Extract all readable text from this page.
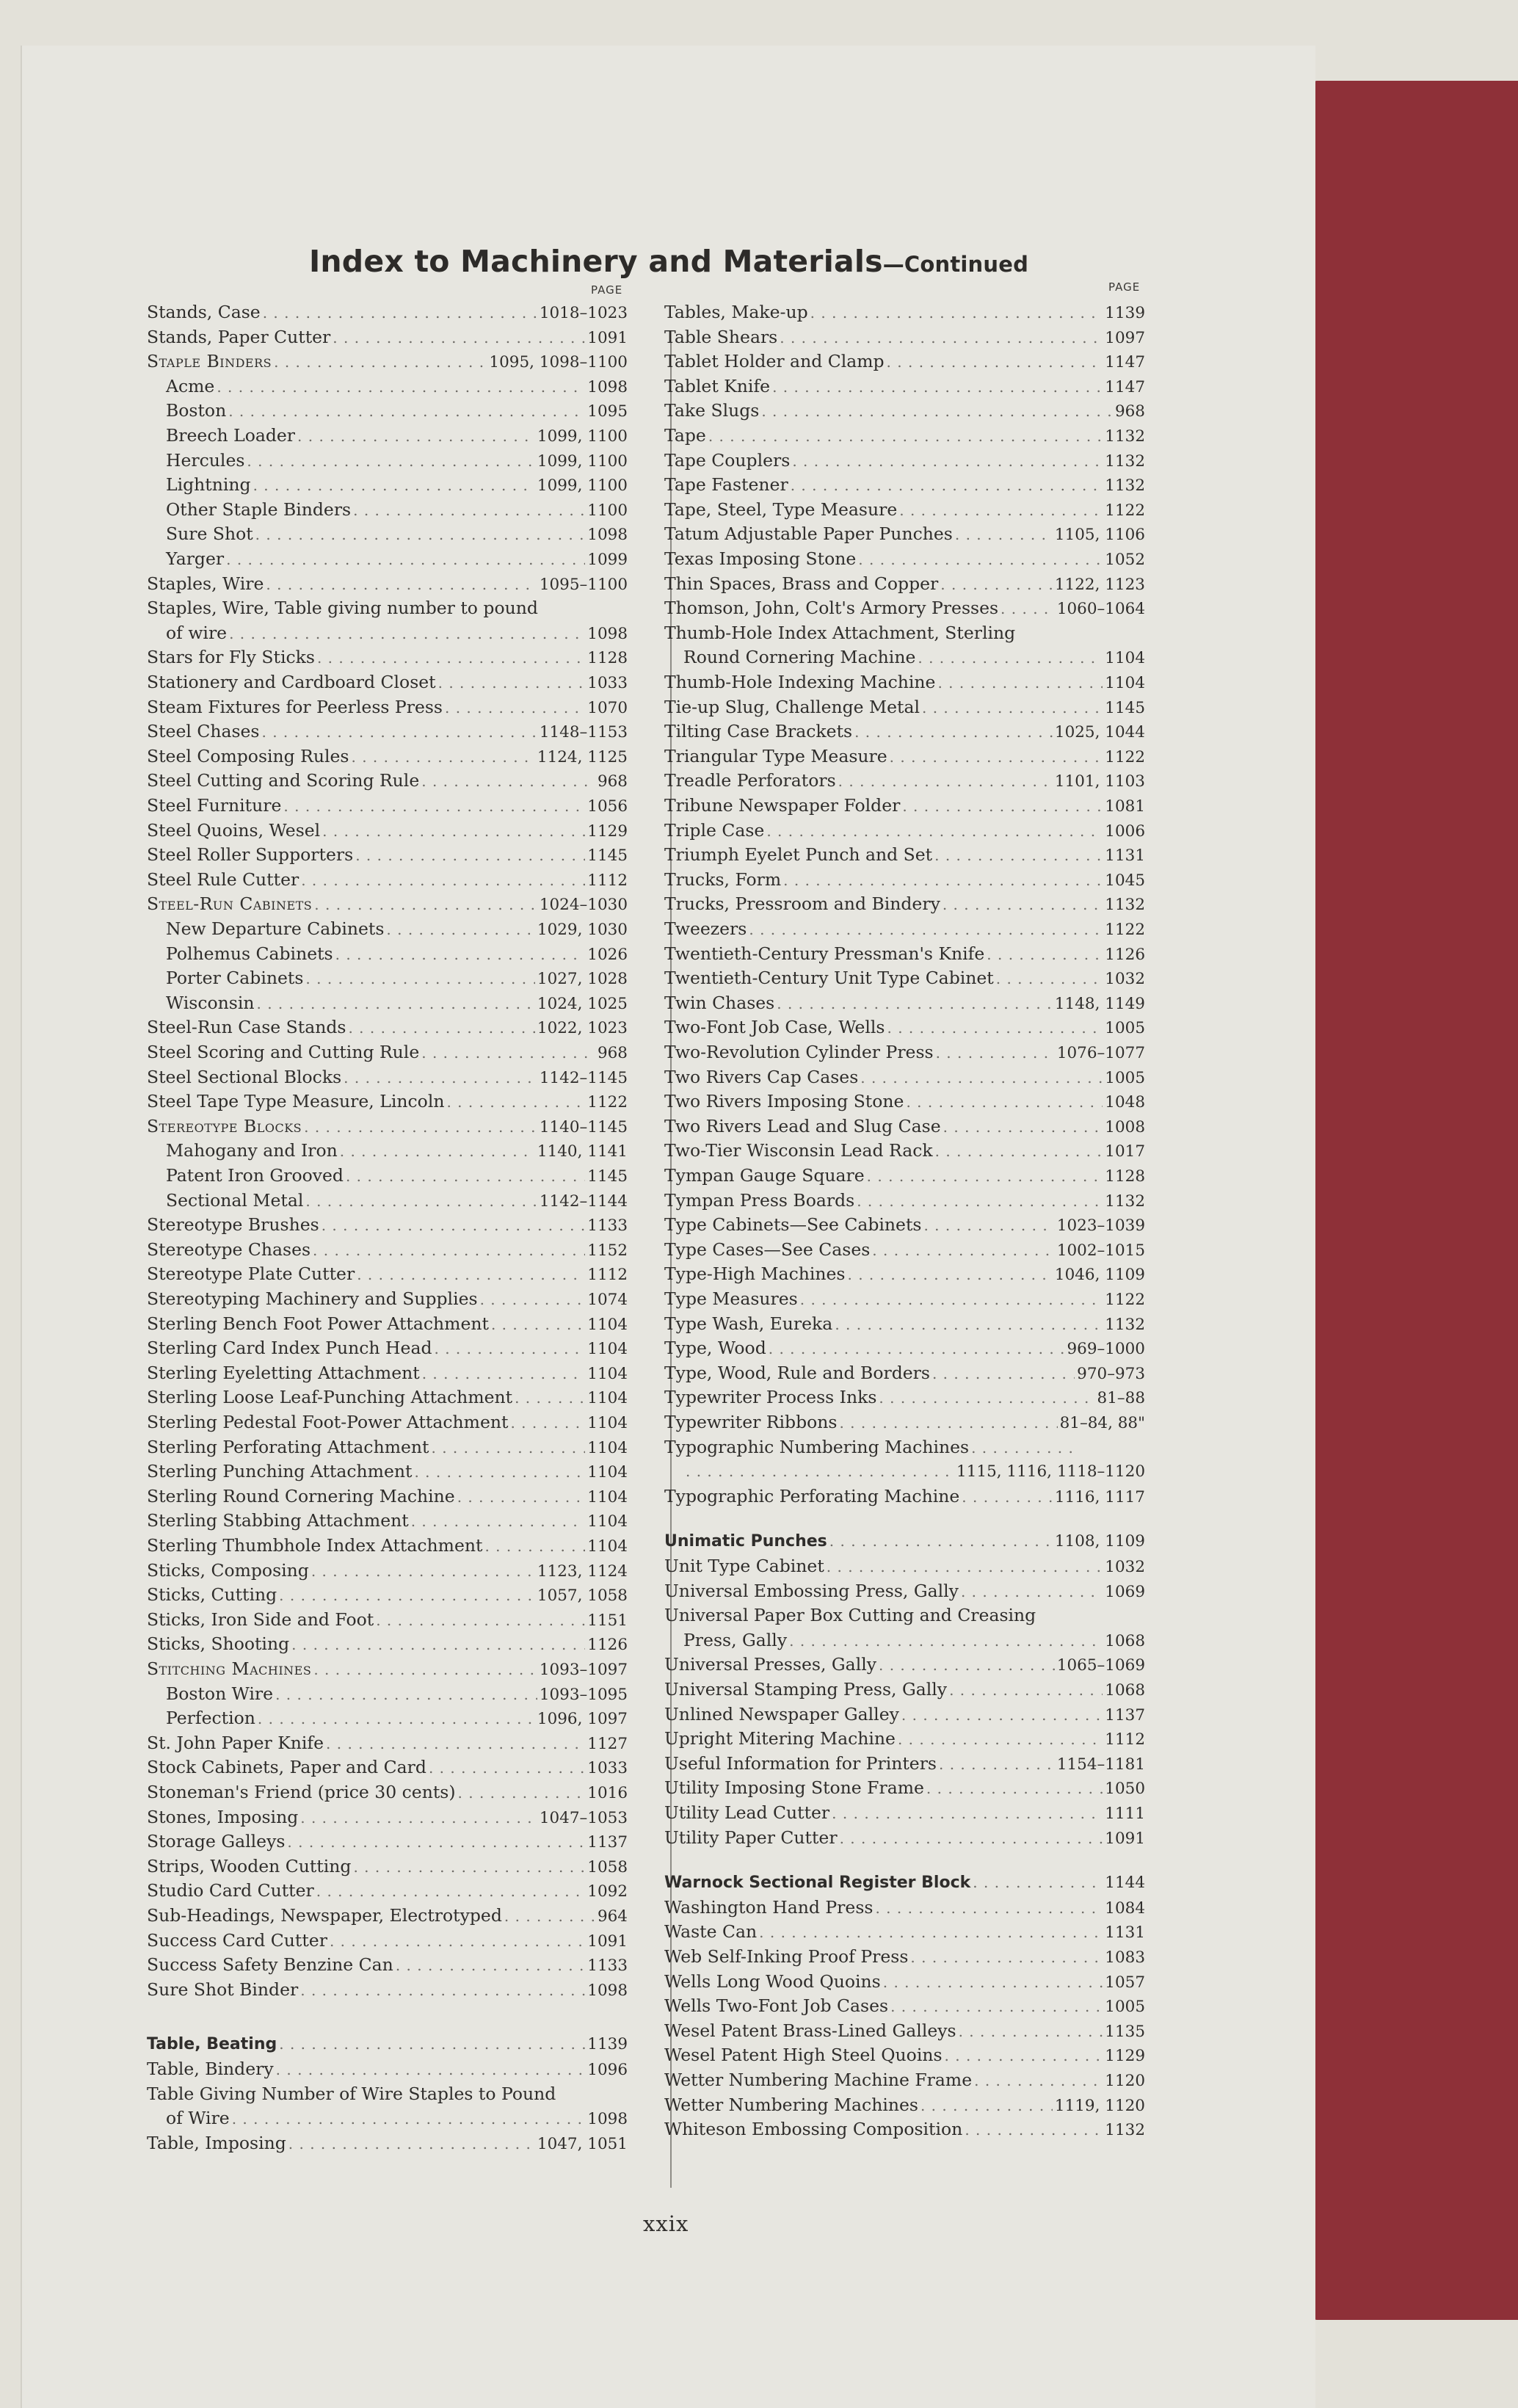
Index to Machinery and Materials—Continued
PAGE	PAGE
Stands, Case . . .	1018–1023
Stands, Paper Cutter . . .	1091
Staple Binders . . .	1095, 1098–1100
Acme . . .	1098
Boston . . .	1095
Breech Loader . . .	1099, 1100
Hercules . . .	1099, 1100
Lightning . . .	1099, 1100
Other Staple Binders . . .	1100
Sure Shot . . .	1098
Yarger . . .	1099
Staples, Wire . . .	1095–1100
Staples, Wire, Table giving number to pound
of wire . . .	1098
Stars for Fly Sticks . . .	1128
Stationery and Cardboard Closet . . .	1033
Steam Fixtures for Peerless Press . . .	1070
Steel Chases . . .	1148–1153
Steel Composing Rules . . .	1124, 1125
Steel Cutting and Scoring Rule . . .	968
Steel Furniture . . .	1056
Steel Quoins, Wesel . . .	1129
Steel Roller Supporters . . .	1145
Steel Rule Cutter . . .	1112
Steel-Run Cabinets . . .	1024–1030
New Departure Cabinets . . .	1029, 1030
Polhemus Cabinets . . .	1026
Porter Cabinets . . .	1027, 1028
Wisconsin . . .	1024, 1025
Steel-Run Case Stands . . .	1022, 1023
Steel Scoring and Cutting Rule . . .	968
Steel Sectional Blocks . . .	1142–1145
Steel Tape Type Measure, Lincoln . . .	1122
Stereotype Blocks . . .	1140–1145
Mahogany and Iron . . .	1140, 1141
Patent Iron Grooved . . .	1145
Sectional Metal . . .	1142–1144
Stereotype Brushes . . .	1133
Stereotype Chases . . .	1152
Stereotype Plate Cutter . . .	1112
Stereotyping Machinery and Supplies . . .	1074
Sterling Bench Foot Power Attachment . . .	1104
Sterling Card Index Punch Head . . .	1104
Sterling Eyeletting Attachment . . .	1104
Sterling Loose Leaf-Punching Attachment . . .	1104
Sterling Pedestal Foot-Power Attachment . . .	1104
Sterling Perforating Attachment . . .	1104
Sterling Punching Attachment . . .	1104
Sterling Round Cornering Machine . . .	1104
Sterling Stabbing Attachment . . .	1104
Sterling Thumbhole Index Attachment . . .	1104
Sticks, Composing . . .	1123, 1124
Sticks, Cutting . . .	1057, 1058
Sticks, Iron Side and Foot . . .	1151
Sticks, Shooting . . .	1126
Stitching Machines . . .	1093–1097
Boston Wire . . .	1093–1095
Perfection . . .	1096, 1097
St. John Paper Knife . . .	1127
Stock Cabinets, Paper and Card . . .	1033
Stoneman's Friend (price 30 cents) . . .	1016
Stones, Imposing . . .	1047–1053
Storage Galleys . . .	1137
Strips, Wooden Cutting . . .	1058
Studio Card Cutter . . .	1092
Sub-Headings, Newspaper, Electrotyped . . .	964
Success Card Cutter . . .	1091
Success Safety Benzine Can . . .	1133
Sure Shot Binder . . .	1098
Table, Beating . . .	1139
Table, Bindery . . .	1096
Table Giving Number of Wire Staples to Pound
of Wire . . .	1098
Table, Imposing . . .	1047, 1051
Tables, Make-up . . .	1139
Table Shears . . .	1097
Tablet Holder and Clamp . . .	1147
Tablet Knife . . .	1147
Take Slugs . . .	968
Tape . . .	1132
Tape Couplers . . .	1132
Tape Fastener . . .	1132
Tape, Steel, Type Measure . . .	1122
Tatum Adjustable Paper Punches . . .	1105, 1106
Texas Imposing Stone . . .	1052
Thin Spaces, Brass and Copper . . .	1122, 1123
Thomson, John, Colt's Armory Presses . . .	1060–1064
Thumb-Hole Index Attachment, Sterling
Round Cornering Machine . . .	1104
Thumb-Hole Indexing Machine . . .	1104
Tie-up Slug, Challenge Metal . . .	1145
Tilting Case Brackets . . .	1025, 1044
Triangular Type Measure . . .	1122
Treadle Perforators . . .	1101, 1103
Tribune Newspaper Folder . . .	1081
Triple Case . . .	1006
Triumph Eyelet Punch and Set . . .	1131
Trucks, Form . . .	1045
Trucks, Pressroom and Bindery . . .	1132
Tweezers . . .	1122
Twentieth-Century Pressman's Knife . . .	1126
Twentieth-Century Unit Type Cabinet . . .	1032
Twin Chases . . .	1148, 1149
Two-Font Job Case, Wells . . .	1005
Two-Revolution Cylinder Press . . .	1076–1077
Two Rivers Cap Cases . . .	1005
Two Rivers Imposing Stone . . .	1048
Two Rivers Lead and Slug Case . . .	1008
Two-Tier Wisconsin Lead Rack . . .	1017
Tympan Gauge Square . . .	1128
Tympan Press Boards . . .	1132
Type Cabinets—See Cabinets . . .	1023–1039
Type Cases—See Cases . . .	1002–1015
Type-High Machines . . .	1046, 1109
Type Measures . . .	1122
Type Wash, Eureka . . .	1132
Type, Wood . . .	969–1000
Type, Wood, Rule and Borders . . .	970–973
Typewriter Process Inks . . .	81–88
Typewriter Ribbons . . .	81–84, 88"
Typographic Numbering Machines
. . .
. . .
1115, 1116, 1118–1120
Typographic Perforating Machine . . .	1116, 1117
Unimatic Punches . . .	1108, 1109
Unit Type Cabinet . . .	1032
Universal Embossing Press, Gally . . .	1069
Universal Paper Box Cutting and Creasing
Press, Gally . . .	1068
Universal Presses, Gally . . .	1065–1069
Universal Stamping Press, Gally . . .	1068
Unlined Newspaper Galley . . .	1137
Upright Mitering Machine . . .	1112
Useful Information for Printers . . .	1154–1181
Utility Imposing Stone Frame . . .	1050
Utility Lead Cutter . . .	1111
Utility Paper Cutter . . .	1091
Warnock Sectional Register Block . . .	1144
Washington Hand Press . . .	1084
Waste Can . . .	1131
Web Self-Inking Proof Press . . .	1083
Wells Long Wood Quoins . . .	1057
Wells Two-Font Job Cases . . .	1005
Wesel Patent Brass-Lined Galleys . . .	1135
Wesel Patent High Steel Quoins . . .	1129
Wetter Numbering Machine Frame . . .	1120
Wetter Numbering Machines . . .	1119, 1120
Whiteson Embossing Composition . . .	1132
xxix
